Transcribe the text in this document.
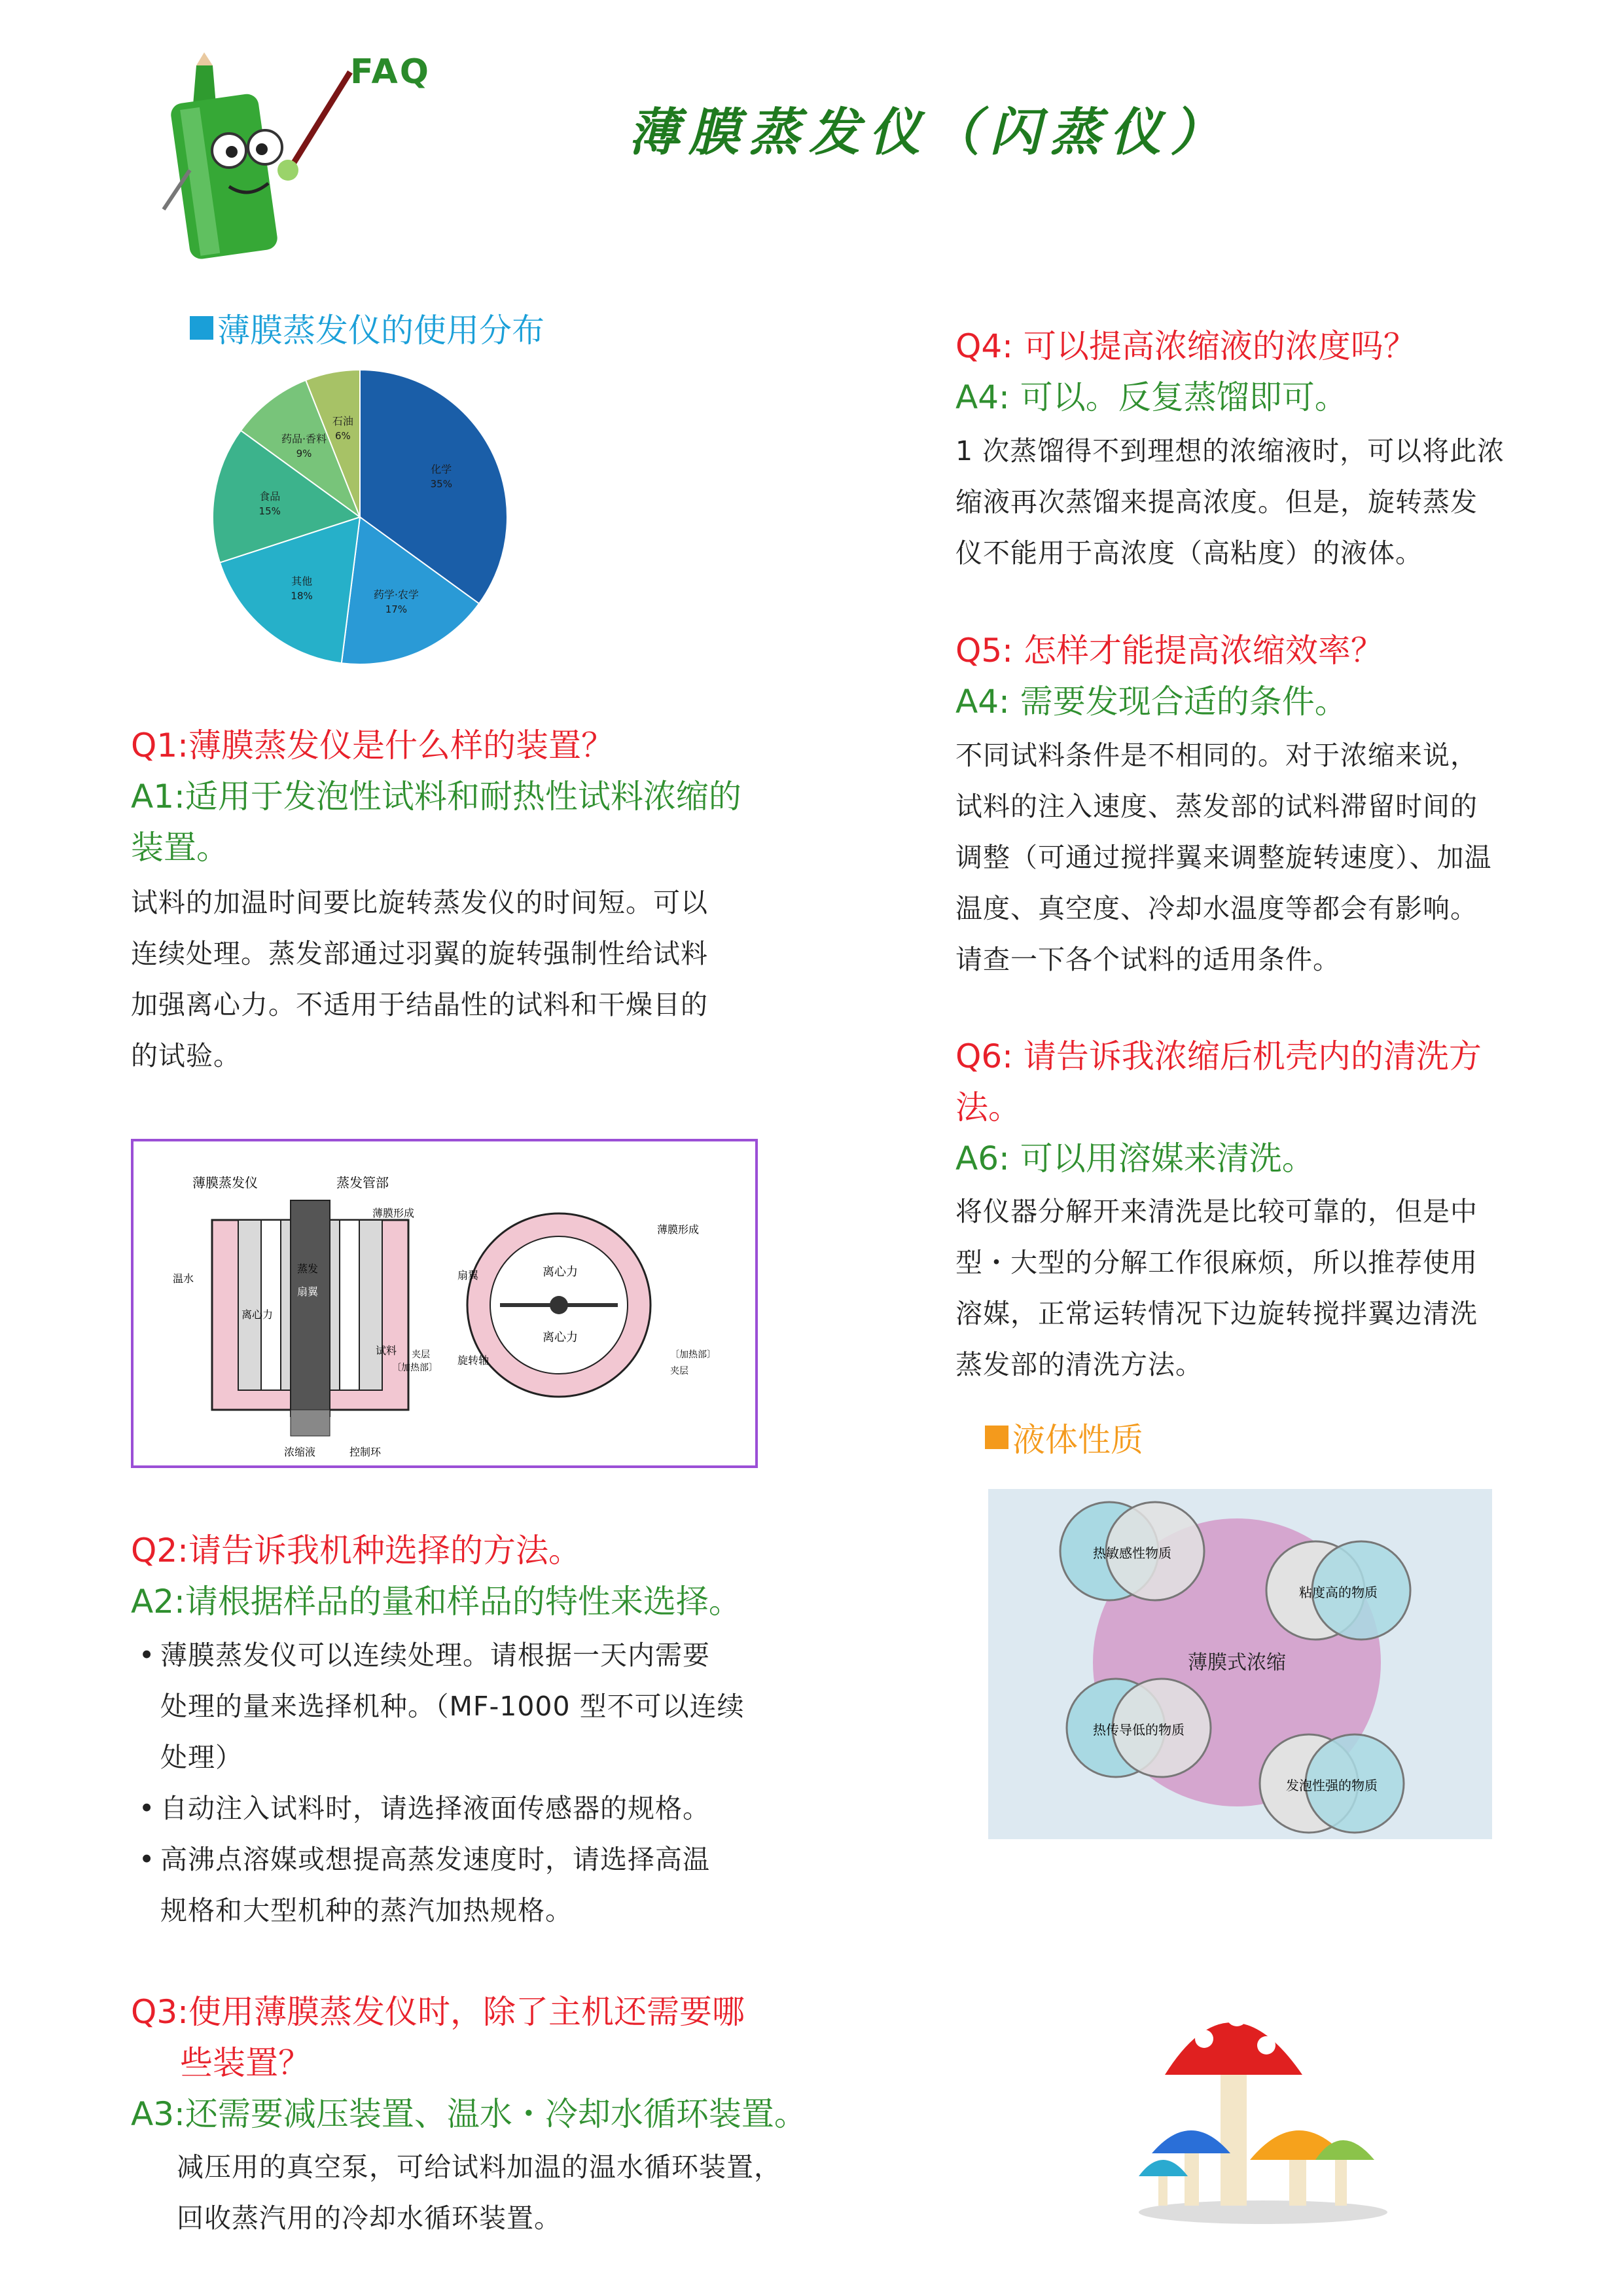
FAQ
薄膜蒸发仪（闪蒸仪）
薄膜蒸发仪的使用分布
化学
35%
药学·农学
17%
其他
18%
食品
15%
药品·香料
9%
石油
6%
Q1:薄膜蒸发仪是什么样的装置？
A1:适用于发泡性试料和耐热性试料浓缩的
装置。
试料的加温时间要比旋转蒸发仪的时间短。可以
连续处理。蒸发部通过羽翼的旋转强制性给试料
加强离心力。不适用于结晶性的试料和干燥目的
的试验。
薄膜蒸发仪	蒸发管部
蒸发
扇翼
离心力
温水
薄膜形成
试料
〔加热部〕
夹层
浓缩液	控制环
离心力
离心力
扇翼
旋转轴
薄膜形成
〔加热部〕
夹层
Q2:请告诉我机种选择的方法。
A2:请根据样品的量和样品的特性来选择。
• 薄膜蒸发仪可以连续处理。请根据一天内需要
处理的量来选择机种。（MF-1000 型不可以连续
处理）
• 自动注入试料时，请选择液面传感器的规格。
• 高沸点溶媒或想提高蒸发速度时，请选择高温
规格和大型机种的蒸汽加热规格。
Q3:使用薄膜蒸发仪时，除了主机还需要哪
些装置？
A3:还需要减压装置、温水・冷却水循环装置。
减压用的真空泵，可给试料加温的温水循环装置，
回收蒸汽用的冷却水循环装置。
Q4: 可以提高浓缩液的浓度吗？
A4: 可以。反复蒸馏即可。
1 次蒸馏得不到理想的浓缩液时，可以将此浓
缩液再次蒸馏来提高浓度。但是，旋转蒸发
仪不能用于高浓度（高粘度）的液体。
Q5: 怎样才能提高浓缩效率？
A4: 需要发现合适的条件。
不同试料条件是不相同的。对于浓缩来说，
试料的注入速度、蒸发部的试料滞留时间的
调整（可通过搅拌翼来调整旋转速度）、加温
温度、真空度、冷却水温度等都会有影响。
请查一下各个试料的适用条件。
Q6: 请告诉我浓缩后机壳内的清洗方
法。
A6: 可以用溶媒来清洗。
将仪器分解开来清洗是比较可靠的，但是中
型・大型的分解工作很麻烦，所以推荐使用
溶媒，正常运转情况下边旋转搅拌翼边清洗
蒸发部的清洗方法。
液体性质
薄膜式浓缩
热敏感性物质
粘度高的物质
热传导低的物质
发泡性强的物质
